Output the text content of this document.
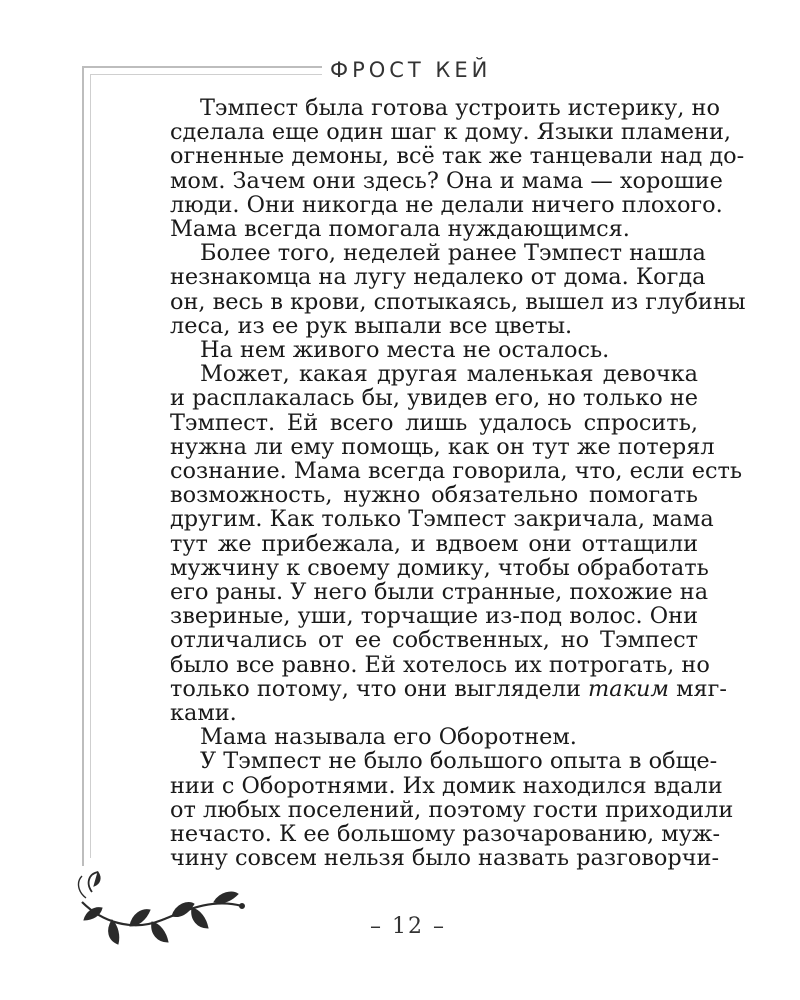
ФРОСТ КЕЙ

Тэмпест была готова устроить истерику, но
сделала еще один шаг к дому. Языки пламени,
огненные демоны, всё так же танцевали над до-
мом. Зачем они здесь? Она и мама — хорошие
люди. Они никогда не делали ничего плохого.
Мама всегда помогала нуждающимся.

Более того, неделей ранее Тэмпест нашла
незнакомца на лугу недалеко от дома. Когда
он, весь в крови, спотыкаясь, вышел из глубины
леса, из ее рук выпали все цветы.

На нем живого места не осталось.

Может, какая другая маленькая девочка
и расплакалась бы, увидев его, но только не
Тэмпест. Ей всего лишь удалось спросить,
нужна ли ему помощь, как он тут же потерял
сознание. Мама всегда говорила, что, если есть
возможность, нужно обязательно помогать
другим. Как только Тэмпест закричала, мама
тут же прибежала, и вдвоем они оттащили
мужчину к своему домику, чтобы обработать
его раны. У него были странные, похожие на
звериные, уши, торчащие из-под волос. Они
отличались от ее собственных, но Тэмпест
было все равно. Ей хотелось их потрогать, но
только потому, что они выглядели таким мяг-
ками.

Мама называла его Оборотнем.

У Тэмпест не было большого опыта в обще-
нии с Оборотнями. Их домик находился вдали
от любых поселений, поэтому гости приходили
нечасто. К ее большому разочарованию, муж-
чину совсем нельзя было назвать разговорчи-

– 12 –
